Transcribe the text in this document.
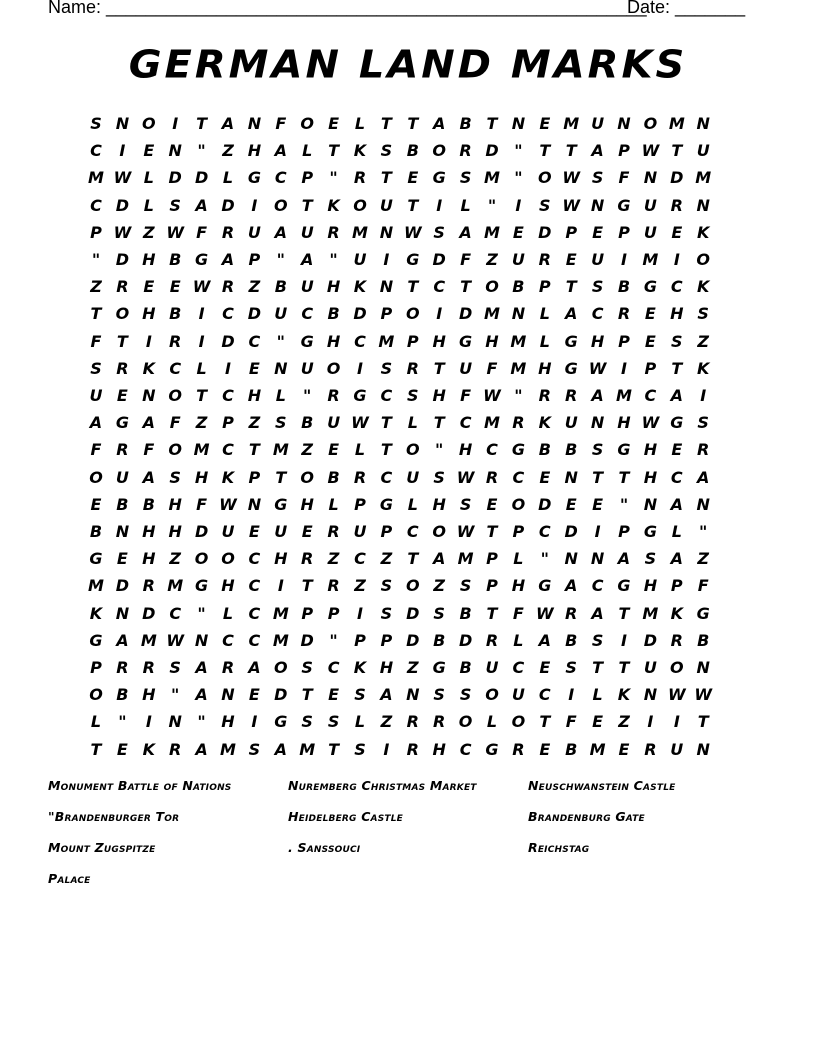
Name: ______________________________________________________
Date: _______
GERMAN LAND MARKS
S N O	I	T A N F O E L T T A B T N E M U N O M N
C	I	E N "	Z H A L T K S B O R D "	T T A P W T U
M W L D D L G C P	"	R T E G S M " O W S F N D M
C D L S A D	I	O T K O U T	I	L	"	I	S W N G U R N
P W Z W F R U A U R M N W S A M E D P E P U E K
" D H B G A P	"	A	" U	I	G D F Z U R E U	I M I	O
Z R E E W R Z B U H K N T C T O B P T S B G C K
T O H B	I	C D U C B D P O	I	D M N L A C R E H S
F T	I	R	I	D C	" G H C M P H G H M L G H P E S Z
S R K C L	I	E N U O	I	S R T U F M H G W I	P T K
U E N O T C H L	"	R G C S H F W "	R R A M C A	I
A G A F Z P Z S B U W T L T C M R K U N H W G S
F R F O M C T M Z E L T O " H C G B B S G H E R
O U A S H K P T O B R C U S W R C E N T T H C A
E B B H F W N G H L P G L H S E O D E E	" N A N
B N H H D U E U E R U P C O W T P C D	I	P G L	"
G E H Z O O C H R Z C Z T A M P L	" N N A S A Z
M D R M G H C	I	T R Z S O Z S P H G A C G H P F
K N D C	"	L C M P P	I	S D S B T F W R A T M K G
G A M W N C C M D "	P P D B D R L A B S	I	D R B
P R R S A R A O S C K H Z G B U C E S T T U O N
O B H "	A N E D T E S A N S S O U C	I	L K N W W
L	"	I	N " H	I	G S S L Z R R O L O T F E Z	I	I	T
T E K R A M S A M T S	I	R H C G R E B M E R U N
Monument Battle of Nations	Nuremberg Christmas Market	Neuschwanstein Castle
"Brandenburger Tor	Heidelberg Castle	Brandenburg Gate
Mount Zugspitze	. Sanssouci	Reichstag
Palace
